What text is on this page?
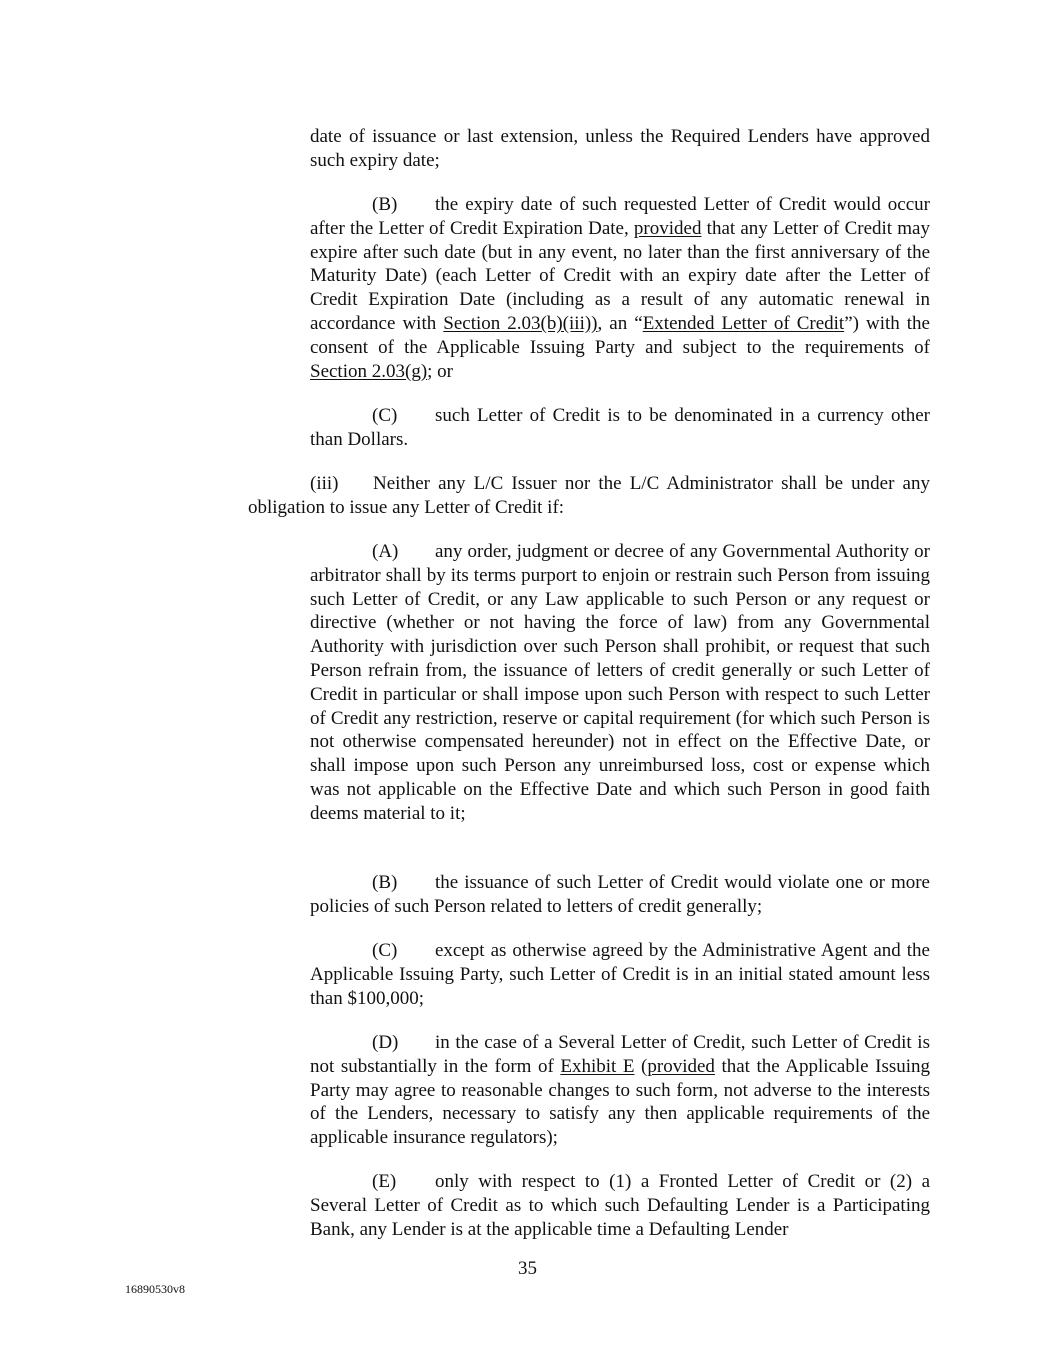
date of issuance or last extension, unless the Required Lenders have approved such expiry date;

(B) the expiry date of such requested Letter of Credit would occur after the Letter of Credit Expiration Date, provided that any Letter of Credit may expire after such date (but in any event, no later than the first anniversary of the Maturity Date) (each Letter of Credit with an expiry date after the Letter of Credit Expiration Date (including as a result of any automatic renewal in accordance with Section 2.03(b)(iii)), an “Extended Letter of Credit”) with the consent of the Applicable Issuing Party and subject to the requirements of Section 2.03(g); or

(C) such Letter of Credit is to be denominated in a currency other than Dollars.

(iii) Neither any L/C Issuer nor the L/C Administrator shall be under any obligation to issue any Letter of Credit if:

(A) any order, judgment or decree of any Governmental Authority or arbitrator shall by its terms purport to enjoin or restrain such Person from issuing such Letter of Credit, or any Law applicable to such Person or any request or directive (whether or not having the force of law) from any Governmental Authority with jurisdiction over such Person shall prohibit, or request that such Person refrain from, the issuance of letters of credit generally or such Letter of Credit in particular or shall impose upon such Person with respect to such Letter of Credit any restriction, reserve or capital requirement (for which such Person is not otherwise compensated hereunder) not in effect on the Effective Date, or shall impose upon such Person any unreimbursed loss, cost or expense which was not applicable on the Effective Date and which such Person in good faith deems material to it;

(B) the issuance of such Letter of Credit would violate one or more policies of such Person related to letters of credit generally;

(C) except as otherwise agreed by the Administrative Agent and the Applicable Issuing Party, such Letter of Credit is in an initial stated amount less than $100,000;

(D) in the case of a Several Letter of Credit, such Letter of Credit is not substantially in the form of Exhibit E (provided that the Applicable Issuing Party may agree to reasonable changes to such form, not adverse to the interests of the Lenders, necessary to satisfy any then applicable requirements of the applicable insurance regulators);

(E) only with respect to (1) a Fronted Letter of Credit or (2) a Several Letter of Credit as to which such Defaulting Lender is a Participating Bank, any Lender is at the applicable time a Defaulting Lender

35
16890530v8
